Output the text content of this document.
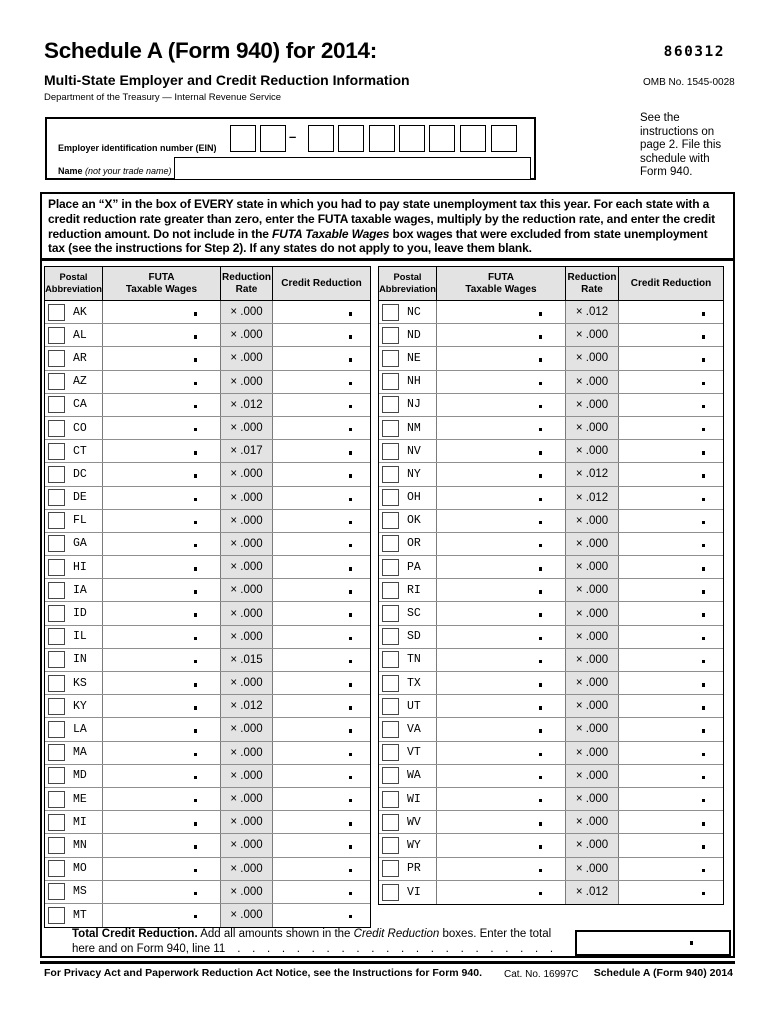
Schedule A (Form 940) for 2014:	860312
Multi-State Employer and Credit Reduction Information
Department of the Treasury — Internal Revenue Service
OMB No. 1545-0028
See the
instructions on
page 2. File this
schedule with
Form 940.
Employer identification number (EIN)
–
Name (not your trade name)
Place an “X” in the box of EVERY state in which you had to pay state unemployment tax this year. For each state with a credit reduction rate greater than zero, enter the FUTA taxable wages, multiply by the reduction rate, and enter the credit reduction amount. Do not include in the FUTA Taxable Wages box wages that were excluded from state unemployment tax (see the instructions for Step 2). If any states do not apply to you, leave them blank.
Postal
Abbreviation
FUTA
Taxable Wages
Reduction
Rate
Credit Reduction
AK	× .000
AL	× .000
AR	× .000
AZ	× .000
CA	× .012
CO	× .000
CT	× .017
DC	× .000
DE	× .000
FL	× .000
GA	× .000
HI	× .000
IA	× .000
ID	× .000
IL	× .000
IN	× .015
KS	× .000
KY	× .012
LA	× .000
MA	× .000
MD	× .000
ME	× .000
MI	× .000
MN	× .000
MO	× .000
MS	× .000
MT	× .000
Postal
Abbreviation
FUTA
Taxable Wages
Reduction
Rate
Credit Reduction
NC	× .012
ND	× .000
NE	× .000
NH	× .000
NJ	× .000
NM	× .000
NV	× .000
NY	× .012
OH	× .012
OK	× .000
OR	× .000
PA	× .000
RI	× .000
SC	× .000
SD	× .000
TN	× .000
TX	× .000
UT	× .000
VA	× .000
VT	× .000
WA	× .000
WI	× .000
WV	× .000
WY	× .000
PR	× .000
VI	× .012
Total Credit Reduction. Add all amounts shown in the Credit Reduction boxes. Enter the total
here and on Form 940, line 11 . . . . . . . . . . . . . . . . . . . . . .
For Privacy Act and Paperwork Reduction Act Notice, see the Instructions for Form 940. Cat. No. 16997C Schedule A (Form 940) 2014
